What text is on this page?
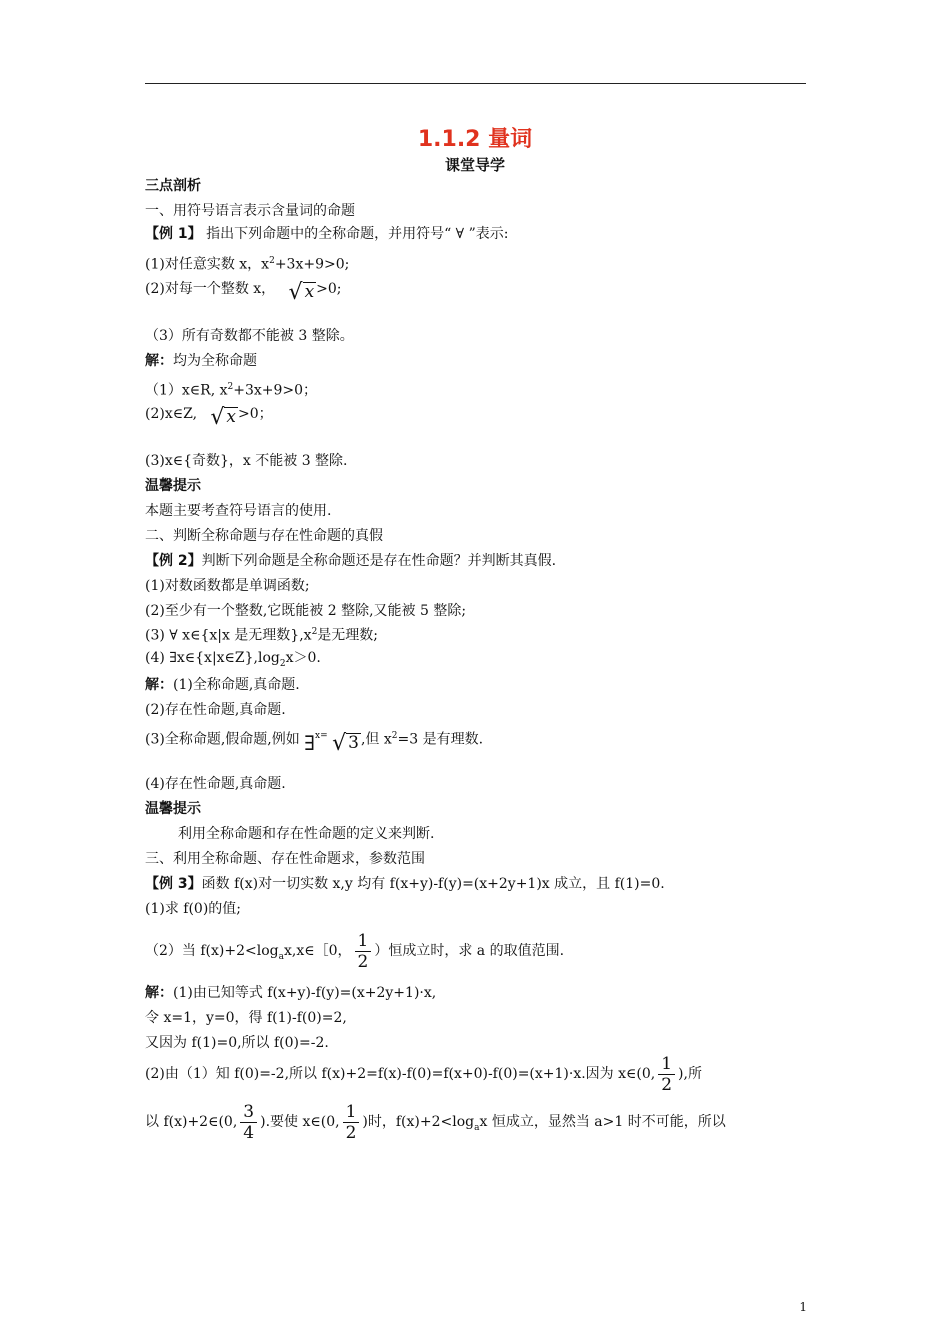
1.1.2 量词
课堂导学
三点剖析
一、用符号语言表示含量词的命题
【例 1】 指出下列命题中的全称命题，并用符号“ ∀ ”表示:
(1)对任意实数 x，$x^2+3x+9>0$;
(2)对每一个整数 x， √ x >0;
（3）所有奇数都不能被 3 整除。
解：均为全称命题
（1）x∈R, $x^2+3x+9>0$；
(2)x∈Z,   √ x >0；
(3)x∈{奇数}，x 不能被 3 整除.
温馨提示
本题主要考查符号语言的使用.
二、判断全称命题与存在性命题的真假
【例 2】判断下列命题是全称命题还是存在性命题？并判断其真假.
(1)对数函数都是单调函数;
(2)至少有一个整数,它既能被 2 整除,又能被 5 整除;
(3) ∀ x∈{x|x 是无理数}$,x^2$是无理数;
(4) $\exists x\in\{x|x\in Z\},\log_2x>0$.
解：(1)全称命题,真命题.
(2)存在性命题,真命题.
(3)全称命题,假命题,例如 ∃$^{x=}$ √ 3 ,但 $x^2=3$ 是有理数.
(4)存在性命题,真命题.
温馨提示
利用全称命题和存在性命题的定义来判断.
三、利用全称命题、存在性命题求，参数范围
【例 3】函数 f(x)对一切实数 x,y 均有 f(x+y)-f(y)=(x+2y+1)x 成立，且 f(1)=0.
(1)求 f(0)的值;
（2）当 $f(x)+2<\log_ax,x\in[0$， $\frac{1}{2}$ ）恒成立时，求 a 的取值范围.
解：(1)由已知等式 f(x+y)-f(y)=(x+2y+1)·x,
令 x=1，y=0，得 f(1)-f(0)=2,
又因为 f(1)=0,所以 f(0)=-2.
(2)由（1）知 f(0)=-2,所以 f(x)+2=f(x)-f(0)=f(x+0)-f(0)=(x+1)·x.因为 x∈(0, $\frac{1}{2}$ ),所
以 f(x)+2∈(0, $\frac{3}{4}$ ).要使 x∈(0, $\frac{1}{2}$ )时，$f(x)+2<\log_ax$ 恒成立，显然当 a>1 时不可能，所以
1
